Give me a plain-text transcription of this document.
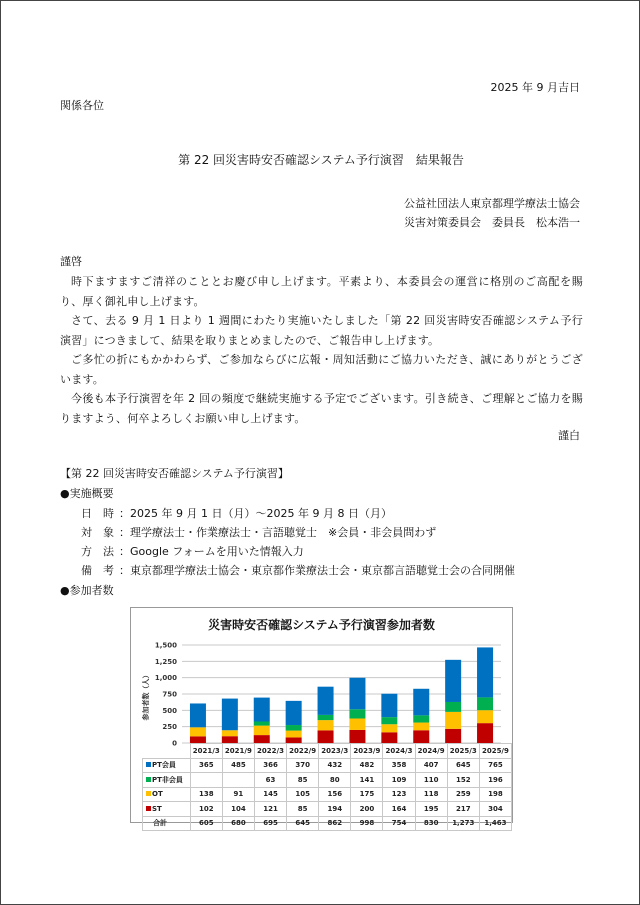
2025 年 9 月吉日
関係各位
第 22 回災害時安否確認システム予行演習　結果報告
公益社団法人東京都理学療法士協会
災害対策委員会　委員長　松本浩一
謹啓

時下ますますご清祥のこととお慶び申し上げます。平素より、本委員会の運営に格別のご高配を賜り、厚く御礼申し上げます。

さて、去る 9 月 1 日より 1 週間にわたり実施いたしました「第 22 回災害時安否確認システム予行演習」につきまして、結果を取りまとめましたので、ご報告申し上げます。

ご多忙の折にもかかわらず、ご参加ならびに広報・周知活動にご協力いただき、誠にありがとうございます。

今後も本予行演習を年 2 回の頻度で継続実施する予定でございます。引き続き、ご理解とご協力を賜りますよう、何卒よろしくお願い申し上げます。

謹白
【第 22 回災害時安否確認システム予行演習】
●実施概要
日　時 ：2025 年 9 月 1 日（月）～2025 年 9 月 8 日（月）
対　象 ：理学療法士・作業療法士・言語聴覚士　※会員・非会員問わず
方　法 ：Google フォームを用いた情報入力
備　考 ：東京都理学療法士協会・東京都作業療法士会・東京都言語聴覚士会の合同開催
●参加者数
災害時安否確認システム予行演習参加者数
参加者数（人）
0
250
500
750
1,000
1,250
1,500
	2021/3	2021/9	2022/3	2022/9	2023/3	2023/9	2024/3	2024/9	2025/3	2025/9
PT会員	365	485	366	370	432	482	358	407	645	765
PT非会員			63	85	80	141	109	110	152	196
OT	138	91	145	105	156	175	123	118	259	198
ST	102	104	121	85	194	200	164	195	217	304
合計	605	680	695	645	862	998	754	830	1,273	1,463
